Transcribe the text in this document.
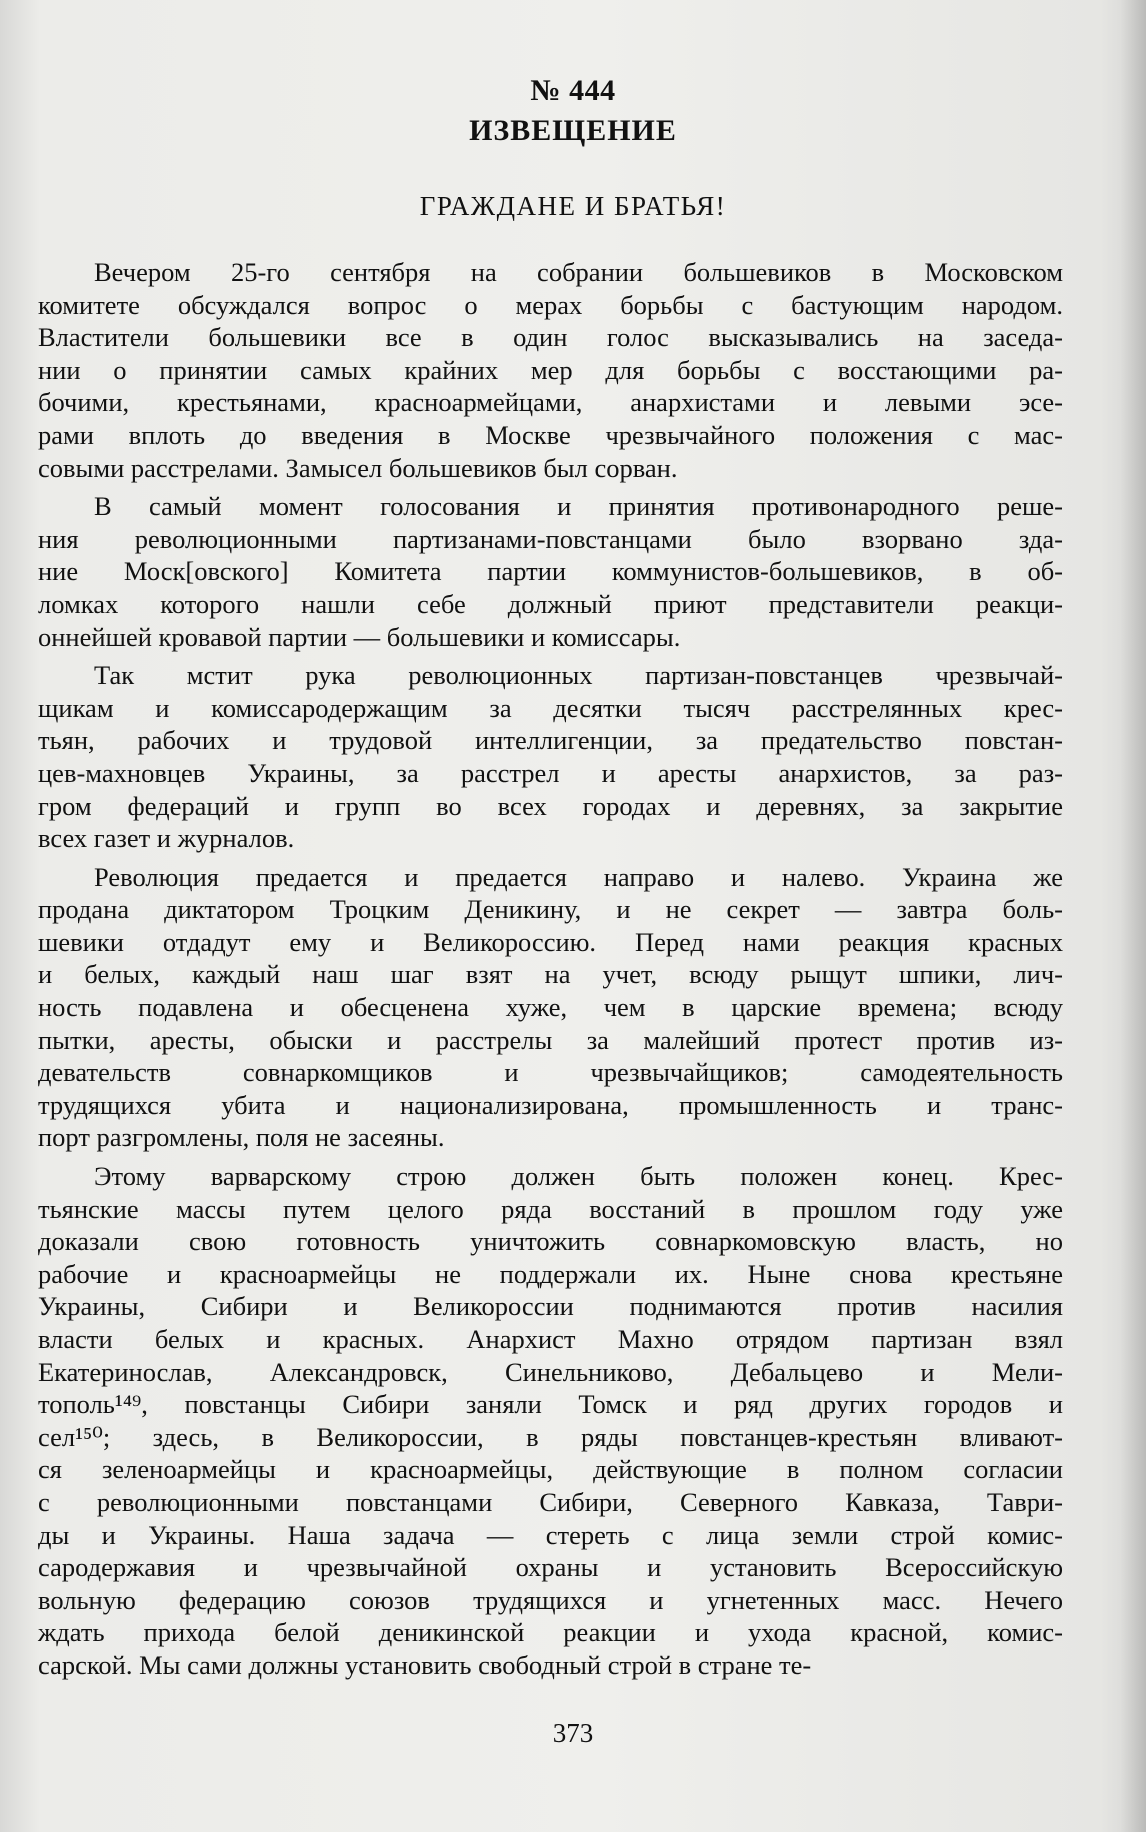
№ 444
ИЗВЕЩЕНИЕ
ГРАЖДАНЕ И БРАТЬЯ!
Вечером 25-го сентября на собрании большевиков в Московском
комитете обсуждался вопрос о мерах борьбы с бастующим народом.
Властители большевики все в один голос высказывались на заседа-
нии о принятии самых крайних мер для борьбы с восстающими ра-
бочими, крестьянами, красноармейцами, анархистами и левыми эсе-
рами вплоть до введения в Москве чрезвычайного положения с мас-
совыми расстрелами. Замысел большевиков был сорван.
В самый момент голосования и принятия противонародного реше-
ния революционными партизанами-повстанцами было взорвано зда-
ние Моск[овского] Комитета партии коммунистов-большевиков, в об-
ломках которого нашли себе должный приют представители реакци-
оннейшей кровавой партии — большевики и комиссары.
Так мстит рука революционных партизан-повстанцев чрезвычай-
щикам и комиссародержащим за десятки тысяч расстрелянных крес-
тьян, рабочих и трудовой интеллигенции, за предательство повстан-
цев-махновцев Украины, за расстрел и аресты анархистов, за раз-
гром федераций и групп во всех городах и деревнях, за закрытие
всех газет и журналов.
Революция предается и предается направо и налево. Украина же
продана диктатором Троцким Деникину, и не секрет — завтра боль-
шевики отдадут ему и Великороссию. Перед нами реакция красных
и белых, каждый наш шаг взят на учет, всюду рыщут шпики, лич-
ность подавлена и обесценена хуже, чем в царские времена; всюду
пытки, аресты, обыски и расстрелы за малейший протест против из-
девательств совнаркомщиков и чрезвычайщиков; самодеятельность
трудящихся убита и национализирована, промышленность и транс-
порт разгромлены, поля не засеяны.
Этому варварскому строю должен быть положен конец. Крес-
тьянские массы путем целого ряда восстаний в прошлом году уже
доказали свою готовность уничтожить совнаркомовскую власть, но
рабочие и красноармейцы не поддержали их. Ныне снова крестьяне
Украины, Сибири и Великороссии поднимаются против насилия
власти белых и красных. Анархист Махно отрядом партизан взял
Екатеринослав, Александровск, Синельниково, Дебальцево и Мели-
тополь¹⁴⁹, повстанцы Сибири заняли Томск и ряд других городов и
сел¹⁵⁰; здесь, в Великороссии, в ряды повстанцев-крестьян вливают-
ся зеленоармейцы и красноармейцы, действующие в полном согласии
с революционными повстанцами Сибири, Северного Кавказа, Таври-
ды и Украины. Наша задача — стереть с лица земли строй комис-
сародержавия и чрезвычайной охраны и установить Всероссийскую
вольную федерацию союзов трудящихся и угнетенных масс. Нечего
ждать прихода белой деникинской реакции и ухода красной, комис-
сарской. Мы сами должны установить свободный строй в стране те-
373
